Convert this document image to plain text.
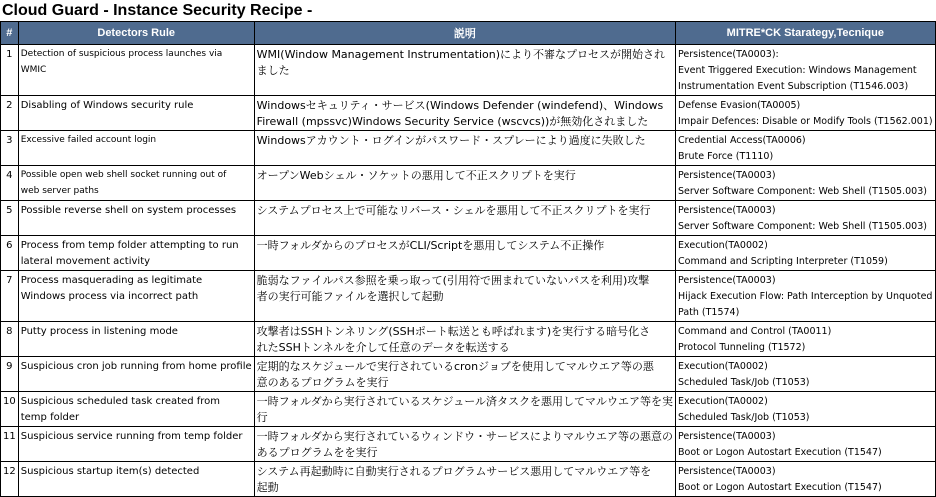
Cloud Guard - Instance Security Recipe -
#	Detectors Rule	説明	MITRE*CK Starategy,Tecnique
1	Detection of suspicious process launches via
WMIC	WMI(Window Management Instrumentation)により不審なプロセスが開始され
ました	Persistence(TA0003):
Event Triggered Execution: Windows Management
Instrumentation Event Subscription (T1546.003)

2	Disabling of Windows security rule	Windowsセキュリティ・サービス(Windows Defender (windefend)、Windows
Firewall (mpssvc)Windows Security Service (wscvcs))が無効化されました	Defense Evasion(TA0005)
Impair Defences: Disable or Modify Tools (T1562.001)

3	Excessive failed account login	Windowsアカウント・ログインがパスワード・スプレーにより過度に失敗した	Credential Access(TA0006)
Brute Force (T1110)

4	Possible open web shell socket running out of
web server paths	オープンWebシェル・ソケットの悪用して不正スクリプトを実行	Persistence(TA0003)
Server Software Component: Web Shell (T1505.003)

5	Possible reverse shell on system processes	システムプロセス上で可能なリバース・シェルを悪用して不正スクリプトを実行	Persistence(TA0003)
Server Software Component: Web Shell (T1505.003)

6	Process from temp folder attempting to run
lateral movement activity	一時フォルダからのプロセスがCLI/Scriptを悪用してシステム不正操作	Execution(TA0002)
Command and Scripting Interpreter (T1059)

7	Process masquerading as legitimate
Windows process via incorrect path	脆弱なファイルパス参照を乗っ取って(引用符で囲まれていないパスを利用)攻撃
者の実行可能ファイルを選択して起動	Persistence(TA0003)
Hijack Execution Flow: Path Interception by Unquoted
Path (T1574)

8	Putty process in listening mode	攻撃者はSSHトンネリング(SSHポート転送とも呼ばれます)を実行する暗号化さ
れたSSHトンネルを介して任意のデータを転送する	Command and Control (TA0011)
Protocol Tunneling (T1572)

9	Suspicious cron job running from home profile	定期的なスケジュールで実行されているcronジョブを使用してマルウエア等の悪
意のあるプログラムを実行	Execution(TA0002)
Scheduled Task/Job (T1053)

10	Suspicious scheduled task created from
temp folder	一時フォルダから実行されているスケジュール済タスクを悪用してマルウエア等を実
行	Execution(TA0002)
Scheduled Task/Job (T1053)

11	Suspicious service running from temp folder	一時フォルダから実行されているウィンドウ・サービスによりマルウエア等の悪意の
あるプログラムをを実行	Persistence(TA0003)
Boot or Logon Autostart Execution (T1547)

12	Suspicious startup item(s) detected	システム再起動時に自動実行されるプログラムサービス悪用してマルウエア等を
起動	Persistence(TA0003)
Boot or Logon Autostart Execution (T1547)
